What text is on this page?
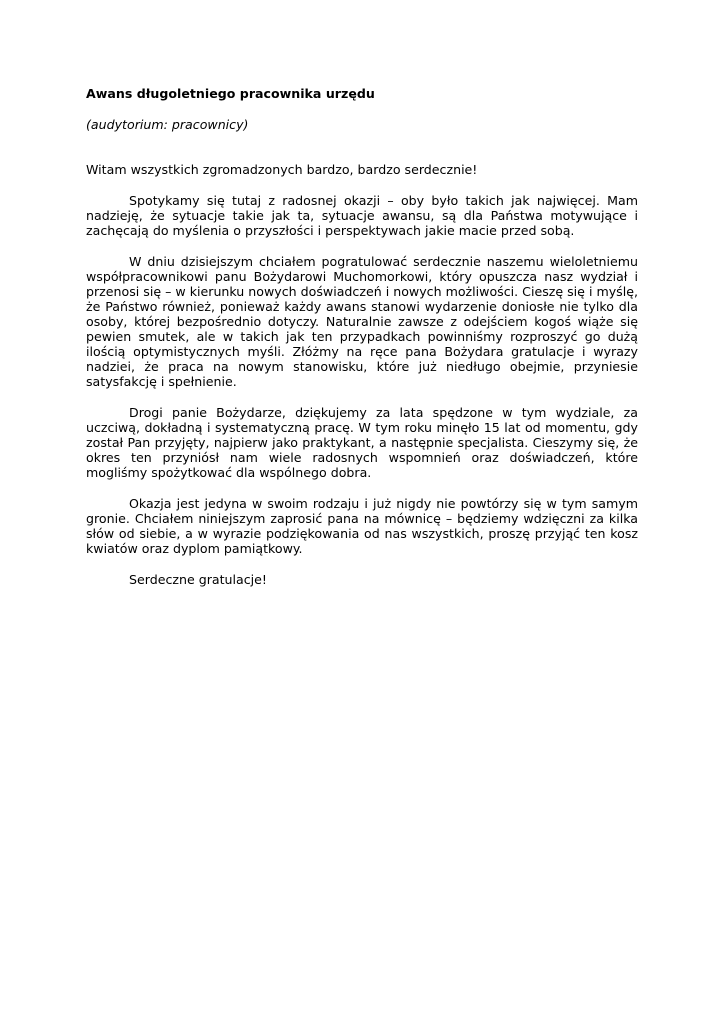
Awans długoletniego pracownika urzędu

(audytorium: pracownicy)

Witam wszystkich zgromadzonych bardzo, bardzo serdecznie!

Spotykamy się tutaj z radosnej okazji – oby było takich jak najwięcej. Mam nadzieję, że sytuacje takie jak ta, sytuacje awansu, są dla Państwa motywujące i zachęcają do myślenia o przyszłości i perspektywach jakie macie przed sobą.

W dniu dzisiejszym chciałem pogratulować serdecznie naszemu wieloletniemu współpracownikowi panu Bożydarowi Muchomorkowi, który opuszcza nasz wydział i przenosi się – w kierunku nowych doświadczeń i nowych możliwości. Cieszę się i myślę, że Państwo również, ponieważ każdy awans stanowi wydarzenie doniosłe nie tylko dla osoby, której bezpośrednio dotyczy. Naturalnie zawsze z odejściem kogoś wiąże się pewien smutek, ale w takich jak ten przypadkach powinniśmy rozproszyć go dużą ilością optymistycznych myśli. Złóżmy na ręce pana Bożydara gratulacje i wyrazy nadziei, że praca na nowym stanowisku, które już niedługo obejmie, przyniesie satysfakcję i spełnienie.

Drogi panie Bożydarze, dziękujemy za lata spędzone w tym wydziale, za uczciwą, dokładną i systematyczną pracę. W tym roku minęło 15 lat od momentu, gdy został Pan przyjęty, najpierw jako praktykant, a następnie specjalista. Cieszymy się, że okres ten przyniósł nam wiele radosnych wspomnień oraz doświadczeń, które mogliśmy spożytkować dla wspólnego dobra.

Okazja jest jedyna w swoim rodzaju i już nigdy nie powtórzy się w tym samym gronie. Chciałem niniejszym zaprosić pana na mównicę – będziemy wdzięczni za kilka słów od siebie, a w wyrazie podziękowania od nas wszystkich, proszę przyjąć ten kosz kwiatów oraz dyplom pamiątkowy.

Serdeczne gratulacje!
